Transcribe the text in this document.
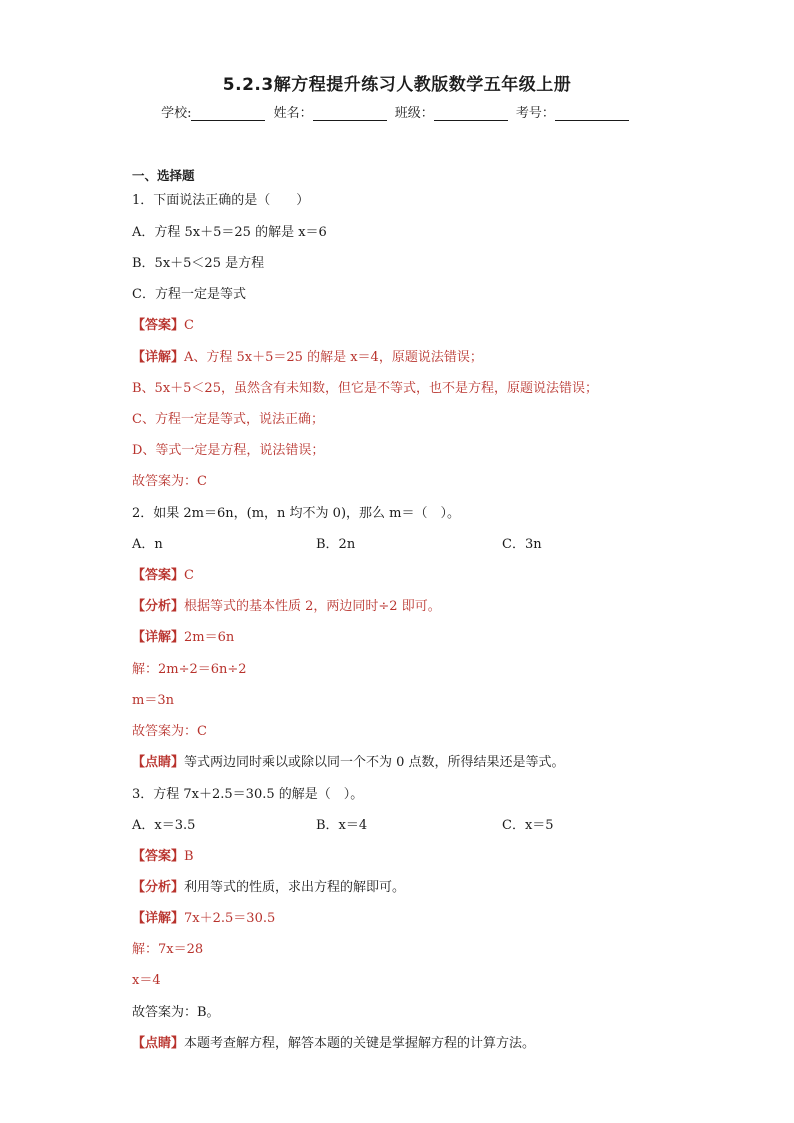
5.2.3解方程提升练习人教版数学五年级上册
学校:	姓名：	班级：	考号：
一、选择题
1．下面说法正确的是（　　）
A．方程 5x＋5＝25 的解是 x＝6
B．5x＋5＜25 是方程
C．方程一定是等式
【答案】C
【详解】A、方程 5x＋5＝25 的解是 x＝4，原题说法错误；
B、5x＋5＜25，虽然含有未知数，但它是不等式，也不是方程，原题说法错误；
C、方程一定是等式，说法正确；
D、等式一定是方程，说法错误；
故答案为：C
2．如果 2m＝6n，(m，n 均不为 0)，那么 m＝（　）。
A．n	B．2n	C．3n
【答案】C
【分析】根据等式的基本性质 2，两边同时÷2 即可。
【详解】2m＝6n
解：2m÷2＝6n÷2
m＝3n
故答案为：C
【点睛】等式两边同时乘以或除以同一个不为 0 点数，所得结果还是等式。
3．方程 7x＋2.5＝30.5 的解是（　）。
A．x＝3.5	B．x＝4	C．x＝5
【答案】B
【分析】利用等式的性质，求出方程的解即可。
【详解】7x＋2.5＝30.5
解：7x＝28
x＝4
故答案为：B。
【点睛】本题考查解方程，解答本题的关键是掌握解方程的计算方法。
